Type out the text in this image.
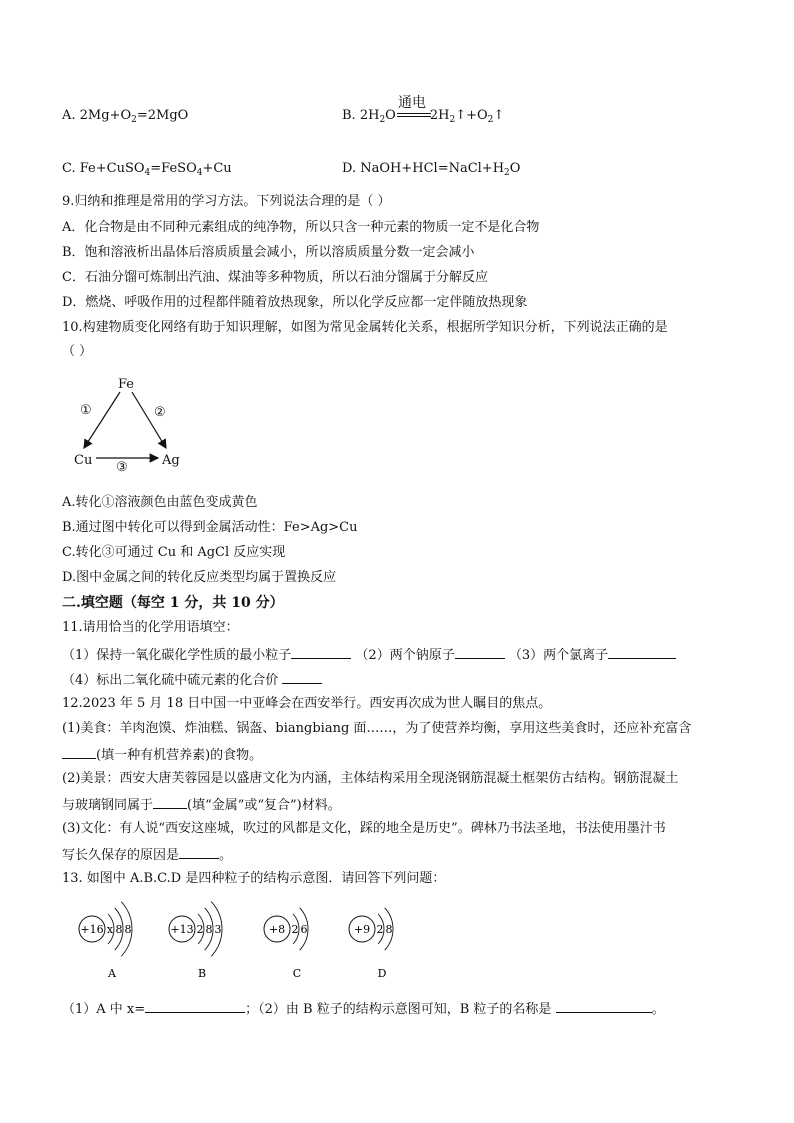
A. $2Mg+O_2=2MgO$	B. $2H_2O$	$2H_2↑+O_2↑$
通电
C. Fe+CuSO$_4$=FeSO$_4$+Cu	D. $NaOH+HCl=NaCl+H_2O$
9.归纳和推理是常用的学习方法。下列说法合理的是（ ）
A．化合物是由不同种元素组成的纯净物，所以只含一种元素的物质一定不是化合物
B．饱和溶液析出晶体后溶质质量会减小，所以溶质质量分数一定会减小
C．石油分馏可炼制出汽油、煤油等多种物质，所以石油分馏属于分解反应
D．燃烧、呼吸作用的过程都伴随着放热现象，所以化学反应都一定伴随放热现象
10.构建物质变化网络有助于知识理解，如图为常见金属转化关系，根据所学知识分析，下列说法正确的是
（ ）
Fe
Cu	Ag
①	②
③
A.转化①溶液颜色由蓝色变成黄色
B.通过图中转化可以得到金属活动性：Fe>Ag>Cu
C.转化③可通过 Cu 和 AgCl 反应实现
D.图中金属之间的转化反应类型均属于置换反应
二.填空题（每空 1 分，共 10 分）
11.请用恰当的化学用语填空：
（1）保持一氧化碳化学性质的最小粒子	（2）两个钠原子	（3）两个氯离子
（4）标出二氧化硫中硫元素的化合价
12.2023 年 5 月 18 日中国一中亚峰会在西安举行。西安再次成为世人瞩目的焦点。
(1)美食：羊肉泡馍、炸油糕、锅盔、biangbiang 面……，为了使营养均衡，享用这些美食时，还应补充富含
(填一种有机营养素)的食物。
(2)美景：西安大唐芙蓉园是以盛唐文化为内涵，主体结构采用全现浇钢筋混凝土框架仿古结构。钢筋混凝土
与玻璃钢同属于	(填“金属”或“复合”)材料。
(3)文化：有人说“西安这座城，吹过的风都是文化，踩的地全是历史”。碑林乃书法圣地，书法使用墨汁书
写长久保存的原因是	。
13. 如图中 A.B.C.D 是四种粒子的结构示意图．请回答下列问题：
+16 x 8 8
A
+13 2 8 3
B
+8 2 6
C
+9 2 8
D
（1）A 中 x=	；（2）由 B 粒子的结构示意图可知，B 粒子的名称是	。
